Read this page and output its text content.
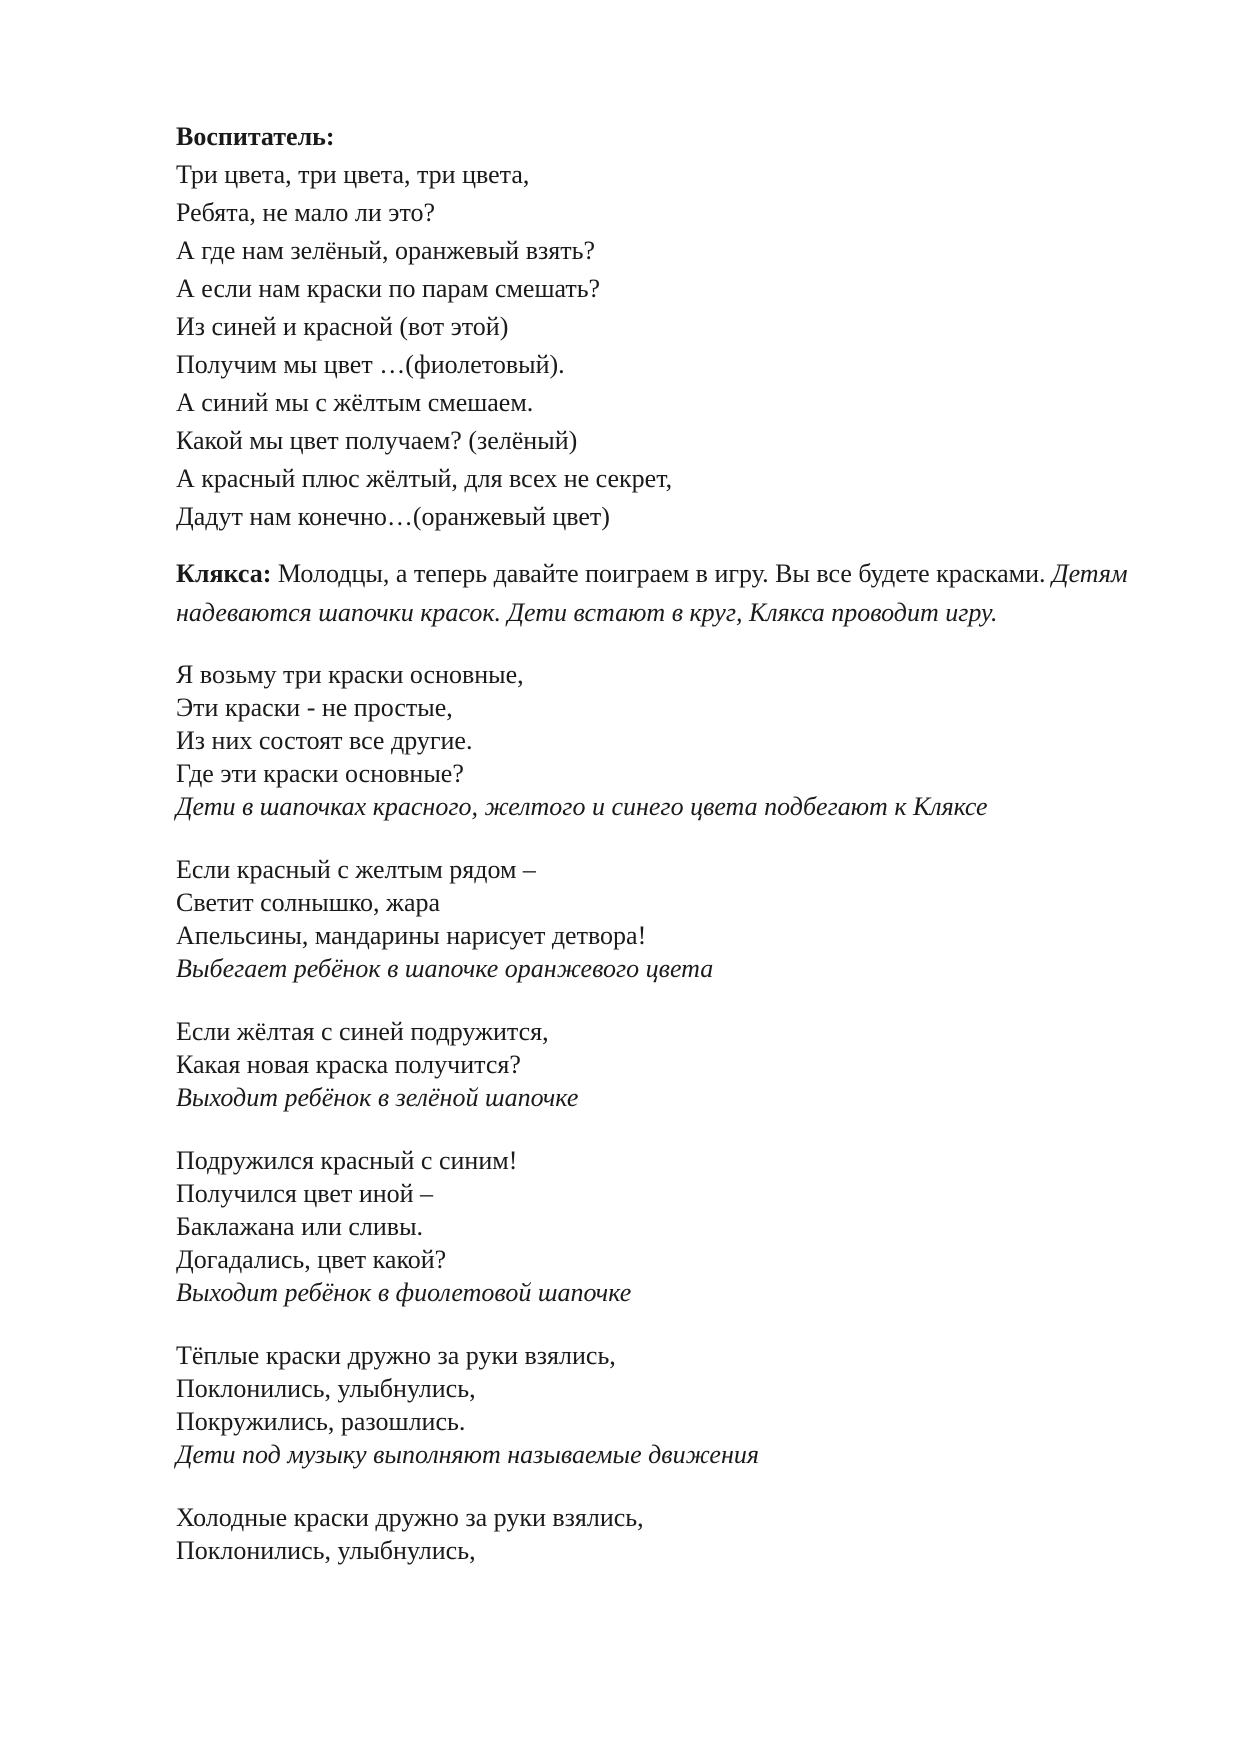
Воспитатель:
Три цвета, три цвета, три цвета,
Ребята, не мало ли это?
А где нам зелёный, оранжевый взять?
А если нам краски по парам смешать?
Из синей и красной (вот этой)
Получим мы цвет …(фиолетовый).
А синий мы с жёлтым смешаем.
Какой мы цвет получаем? (зелёный)
А красный плюс жёлтый, для всех не секрет,
Дадут нам конечно…(оранжевый цвет)
Клякса: Молодцы, а теперь давайте поиграем в игру. Вы все будете красками. Детям надеваются шапочки красок. Дети встают в круг, Клякса проводит игру.
Я возьму три краски основные,
Эти краски - не простые,
Из них состоят все другие.
Где эти краски основные?
Дети в шапочках красного, желтого и синего цвета подбегают к Кляксе
Если красный с желтым рядом –
Светит солнышко, жара
Апельсины, мандарины нарисует детвора!
Выбегает ребёнок в шапочке оранжевого цвета
Если жёлтая с синей подружится,
Какая новая краска получится?
Выходит ребёнок в зелёной шапочке
Подружился красный с синим!
Получился цвет иной –
Баклажана или сливы.
Догадались, цвет какой?
Выходит ребёнок в фиолетовой шапочке
Тёплые краски дружно за руки взялись,
Поклонились, улыбнулись,
Покружились, разошлись.
Дети под музыку выполняют называемые движения
Холодные краски дружно за руки взялись,
Поклонились, улыбнулись,
